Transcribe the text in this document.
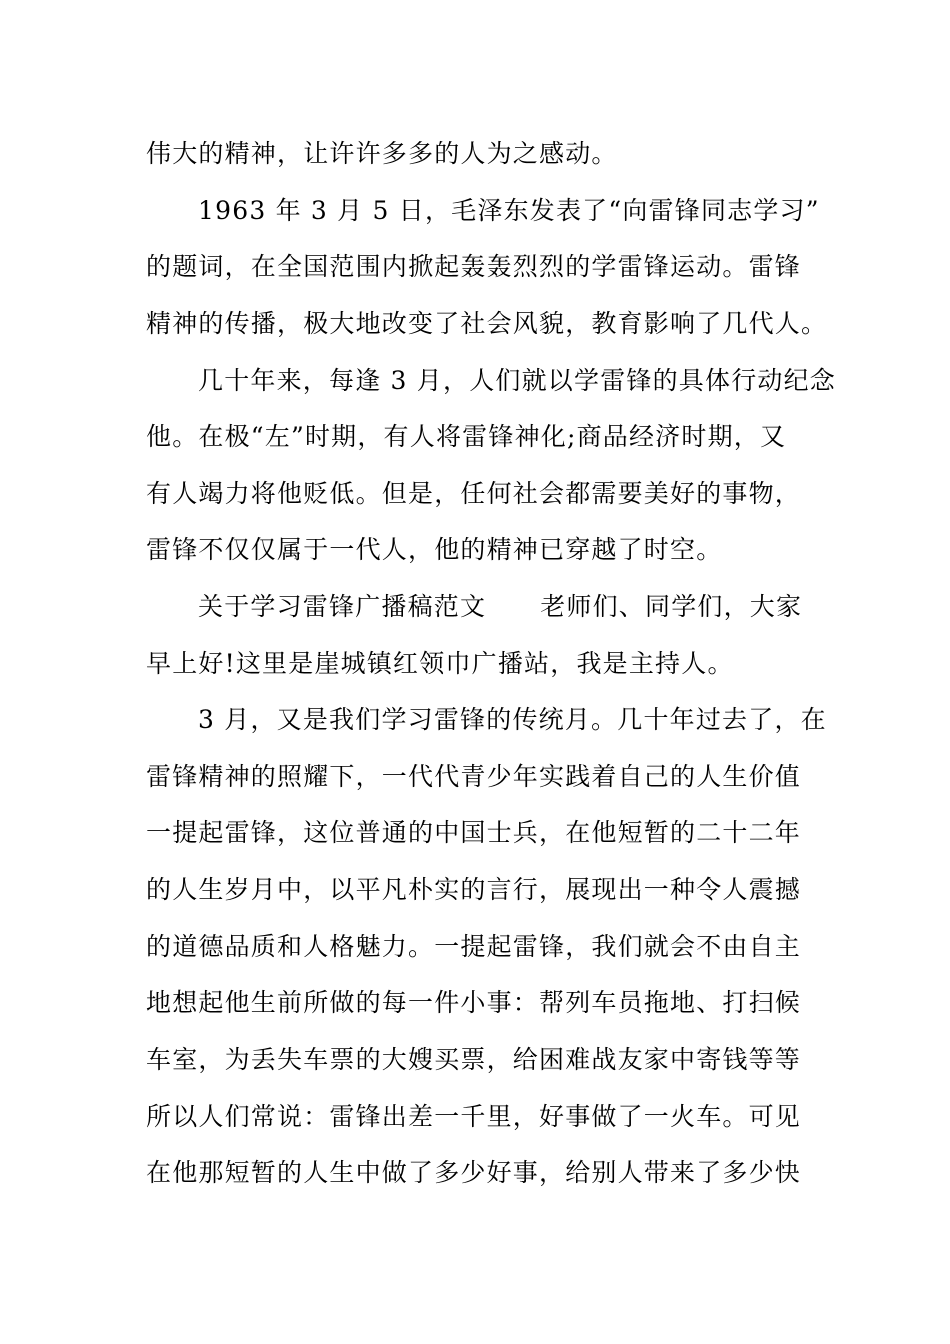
伟大的精神，让许许多多的人为之感动。
1963 年 3 月 5 日，毛泽东发表了“向雷锋同志学习”
的题词，在全国范围内掀起轰轰烈烈的学雷锋运动。雷锋
精神的传播，极大地改变了社会风貌，教育影响了几代人。
几十年来，每逢 3 月，人们就以学雷锋的具体行动纪念
他。在极“左”时期，有人将雷锋神化;商品经济时期，又
有人竭力将他贬低。但是，任何社会都需要美好的事物，
雷锋不仅仅属于一代人，他的精神已穿越了时空。
关于学习雷锋广播稿范文 老师们、同学们，大家
早上好!这里是崖城镇红领巾广播站，我是主持人。
3 月，又是我们学习雷锋的传统月。几十年过去了，在
雷锋精神的照耀下，一代代青少年实践着自己的人生价值
一提起雷锋，这位普通的中国士兵，在他短暂的二十二年
的人生岁月中，以平凡朴实的言行，展现出一种令人震撼
的道德品质和人格魅力。一提起雷锋，我们就会不由自主
地想起他生前所做的每一件小事：帮列车员拖地、打扫候
车室，为丢失车票的大嫂买票，给困难战友家中寄钱等等
所以人们常说：雷锋出差一千里，好事做了一火车。可见
在他那短暂的人生中做了多少好事，给别人带来了多少快
